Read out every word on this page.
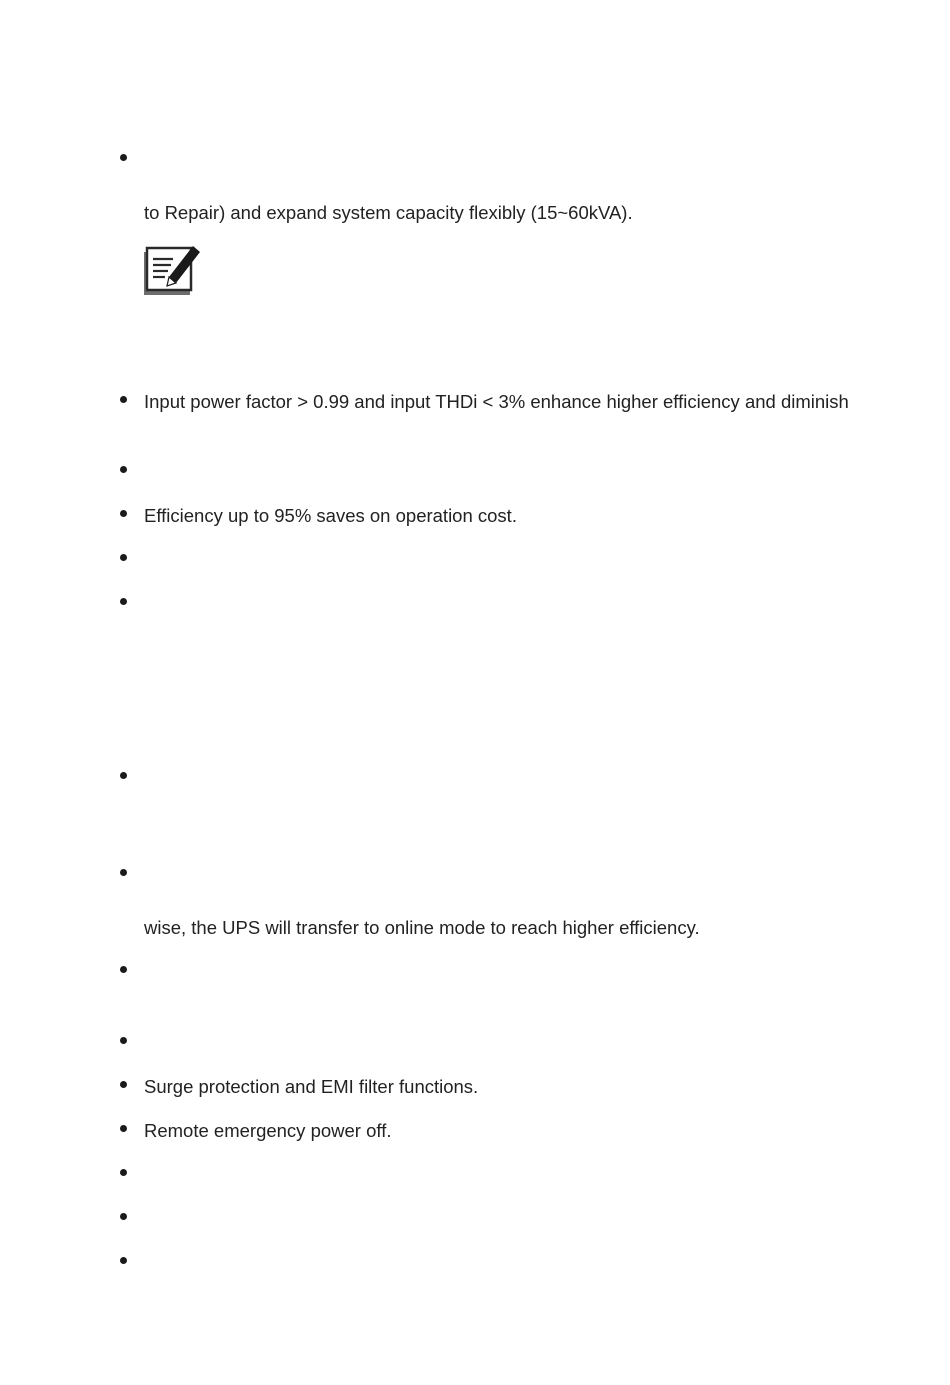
to Repair) and expand system capacity flexibly (15~60kVA).
Input power factor > 0.99 and input THDi < 3% enhance higher efficiency and diminish
Efficiency up to 95% saves on operation cost.
wise, the UPS will transfer to online mode to reach higher efficiency.
Surge protection and EMI filter functions.
Remote emergency power off.
